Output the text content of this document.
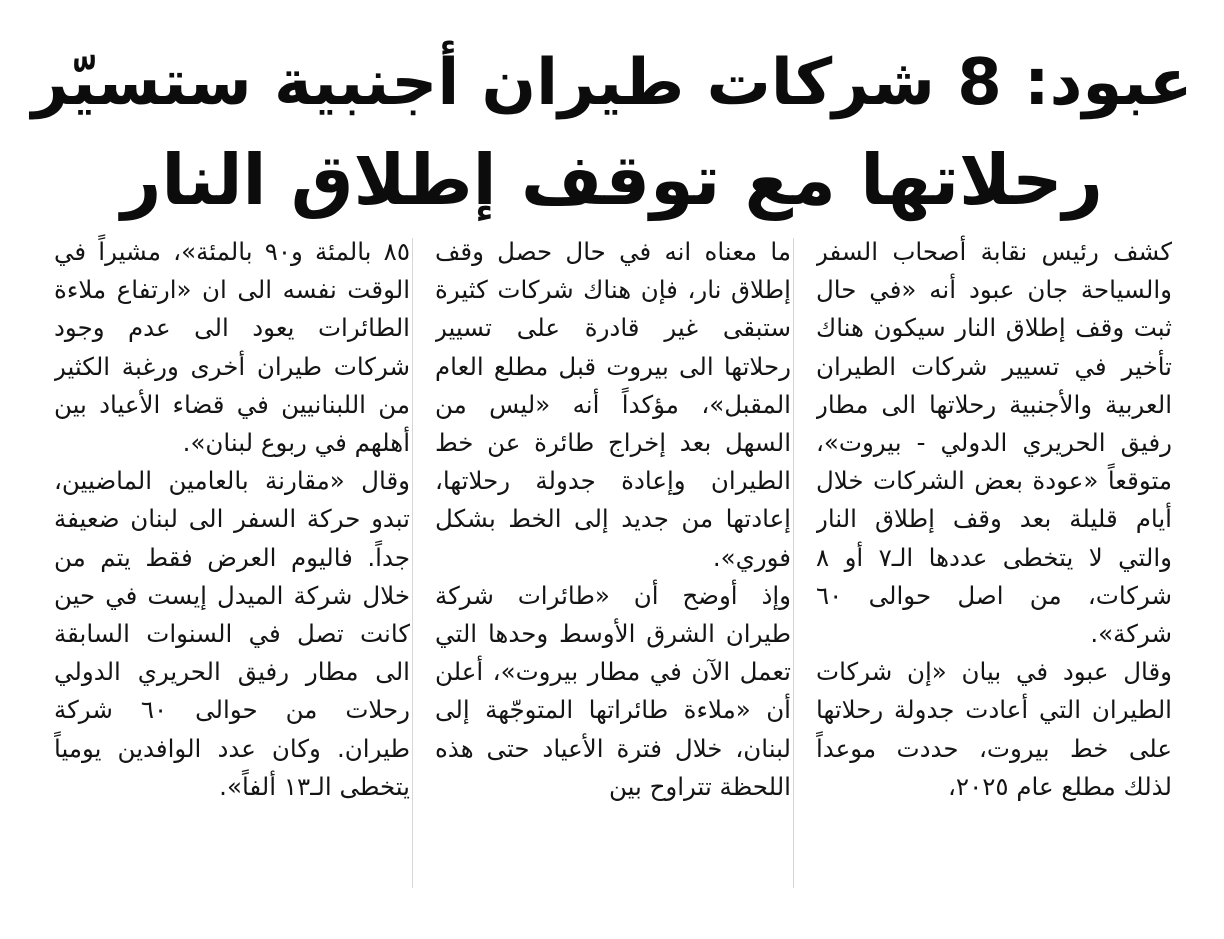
عبود: 8 شركات طيران أجنبية ستسيّر
رحلاتها مع توقف إطلاق النار

كشف رئيس نقابة أصحاب السفر والسياحة جان عبود أنه «في حال ثبت وقف إطلاق النار سيكون هناك تأخير في تسيير شركات الطيران العربية والأجنبية رحلاتها الى مطار رفيق الحريري الدولي - بيروت»، متوقعاً «عودة بعض الشركات خلال أيام قليلة بعد وقف إطلاق النار والتي لا يتخطى عددها الـ٧ أو ٨ شركات، من اصل حوالى ٦٠ شركة».

وقال عبود في بيان «إن شركات الطيران التي أعادت جدولة رحلاتها على خط بيروت، حددت موعداً لذلك مطلع عام ٢٠٢٥،

ما معناه انه في حال حصل وقف إطلاق نار، فإن هناك شركات كثيرة ستبقى غير قادرة على تسيير رحلاتها الى بيروت قبل مطلع العام المقبل»، مؤكداً أنه «ليس من السهل بعد إخراج طائرة عن خط الطيران وإعادة جدولة رحلاتها، إعادتها من جديد إلى الخط بشكل فوري».

وإذ أوضح أن «طائرات شركة طيران الشرق الأوسط وحدها التي تعمل الآن في مطار بيروت»، أعلن أن «ملاءة طائراتها المتوجّهة إلى لبنان، خلال فترة الأعياد حتى هذه اللحظة تتراوح بين

٨٥ بالمئة و٩٠ بالمئة»، مشيراً في الوقت نفسه الى ان «ارتفاع ملاءة الطائرات يعود الى عدم وجود شركات طيران أخرى ورغبة الكثير من اللبنانيين في قضاء الأعياد بين أهلهم في ربوع لبنان».

وقال «مقارنة بالعامين الماضيين، تبدو حركة السفر الى لبنان ضعيفة جداً. فاليوم العرض فقط يتم من خلال شركة الميدل إيست في حين كانت تصل في السنوات السابقة الى مطار رفيق الحريري الدولي رحلات من حوالى ٦٠ شركة طيران. وكان عدد الوافدين يومياً يتخطى الـ١٣ ألفاً».
